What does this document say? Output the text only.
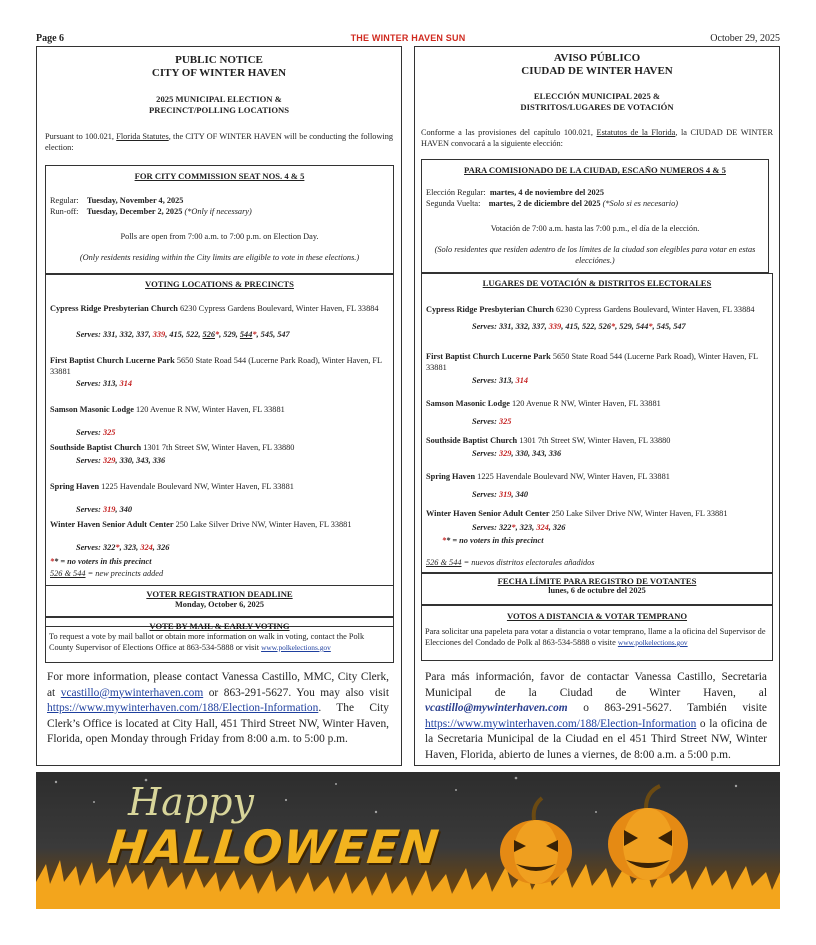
Page 6	THE WINTER HAVEN SUN	October 29, 2025
PUBLIC NOTICE
CITY OF WINTER HAVEN
2025 MUNICIPAL ELECTION &
PRECINCT/POLLING LOCATIONS
Pursuant to 100.021, Florida Statutes, the CITY OF WINTER HAVEN will be conducting the following election:
FOR CITY COMMISSION SEAT NOS. 4 & 5
Regular: Tuesday, November 4, 2025
Run-off: Tuesday, December 2, 2025 (*Only if necessary)
Polls are open from 7:00 a.m. to 7:00 p.m. on Election Day.
(Only residents residing within the City limits are eligible to vote in these elections.)
VOTING LOCATIONS & PRECINCTS
Cypress Ridge Presbyterian Church 6230 Cypress Gardens Boulevard, Winter Haven, FL 33884
Serves: 331, 332, 337, 339, 415, 522, 526*, 529, 544*, 545, 547
First Baptist Church Lucerne Park 5650 State Road 544 (Lucerne Park Road), Winter Haven, FL 33881
Serves: 313, 314
Samson Masonic Lodge 120 Avenue R NW, Winter Haven, FL 33881
Serves: 325
Southside Baptist Church 1301 7th Street SW, Winter Haven, FL 33880
Serves: 329, 330, 343, 336
Spring Haven 1225 Havendale Boulevard NW, Winter Haven, FL 33881
Serves: 319, 340
Winter Haven Senior Adult Center 250 Lake Silver Drive NW, Winter Haven, FL 33881
Serves: 322*, 323, 324, 326
** = no voters in this precinct
526 & 544 = new precincts added
VOTER REGISTRATION DEADLINE
Monday, October 6, 2025
VOTE BY MAIL & EARLY VOTING
To request a vote by mail ballot or obtain more information on walk in voting, contact the Polk County Supervisor of Elections Office at 863-534-5888 or visit www.polkelections.gov
For more information, please contact Vanessa Castillo, MMC, City Clerk, at vcastillo@mywinterhaven.com or 863-291-5627. You may also visit https://www.mywinterhaven.com/188/Election-Information. The City Clerk’s Office is located at City Hall, 451 Third Street NW, Winter Haven, Florida, open Monday through Friday from 8:00 a.m. to 5:00 p.m.
AVISO PÚBLICO
CIUDAD DE WINTER HAVEN
ELECCIÓN MUNICIPAL 2025 &
DISTRITOS/LUGARES DE VOTACIÓN
Conforme a las provisiones del capítulo 100.021, Estatutos de la Florida, la CIUDAD DE WINTER HAVEN convocará a la siguiente elección:
PARA COMISIONADO DE LA CIUDAD, ESCAÑO NUMEROS 4 & 5
Elección Regular: martes, 4 de noviembre del 2025
Segunda Vuelta: martes, 2 de diciembre del 2025 (*Solo si es necesario)
Votación de 7:00 a.m. hasta las 7:00 p.m., el día de la elección.
(Solo residentes que residen adentro de los límites de la ciudad son elegibles para votar en estas elecciónes.)
LUGARES DE VOTACIÓN & DISTRITOS ELECTORALES
Cypress Ridge Presbyterian Church 6230 Cypress Gardens Boulevard, Winter Haven, FL 33884
Serves: 331, 332, 337, 339, 415, 522, 526*, 529, 544*, 545, 547
First Baptist Church Lucerne Park 5650 State Road 544 (Lucerne Park Road), Winter Haven, FL 33881
Serves: 313, 314
Samson Masonic Lodge 120 Avenue R NW, Winter Haven, FL 33881
Serves: 325
Southside Baptist Church 1301 7th Street SW, Winter Haven, FL 33880
Serves: 329, 330, 343, 336
Spring Haven 1225 Havendale Boulevard NW, Winter Haven, FL 33881
Serves: 319, 340
Winter Haven Senior Adult Center 250 Lake Silver Drive NW, Winter Haven, FL 33881
Serves: 322*, 323, 324, 326
** = no voters in this precinct
526 & 544 = nuevos distritos electorales añadidos
FECHA LÍMITE PARA REGISTRO DE VOTANTES
lunes, 6 de octubre del 2025
VOTOS A DISTANCIA & VOTAR TEMPRANO
Para solicitar una papeleta para votar a distancia o votar temprano, llame a la oficina del Supervisor de Elecciones del Condado de Polk al 863-534-5888 o visite www.polkelections.gov
Para más información, favor de contactar Vanessa Castillo, Secretaria Municipal de la Ciudad de Winter Haven, al vcastillo@mywinterhaven.com o 863-291-5627. También visite https://www.mywinterhaven.com/188/Election-Information o la oficina de la Secretaria Municipal de la Ciudad en el 451 Third Street NW, Winter Haven, Florida, abierto de lunes a viernes, de 8:00 a.m. a 5:00 p.m.
Happy
HALLOWEEN
